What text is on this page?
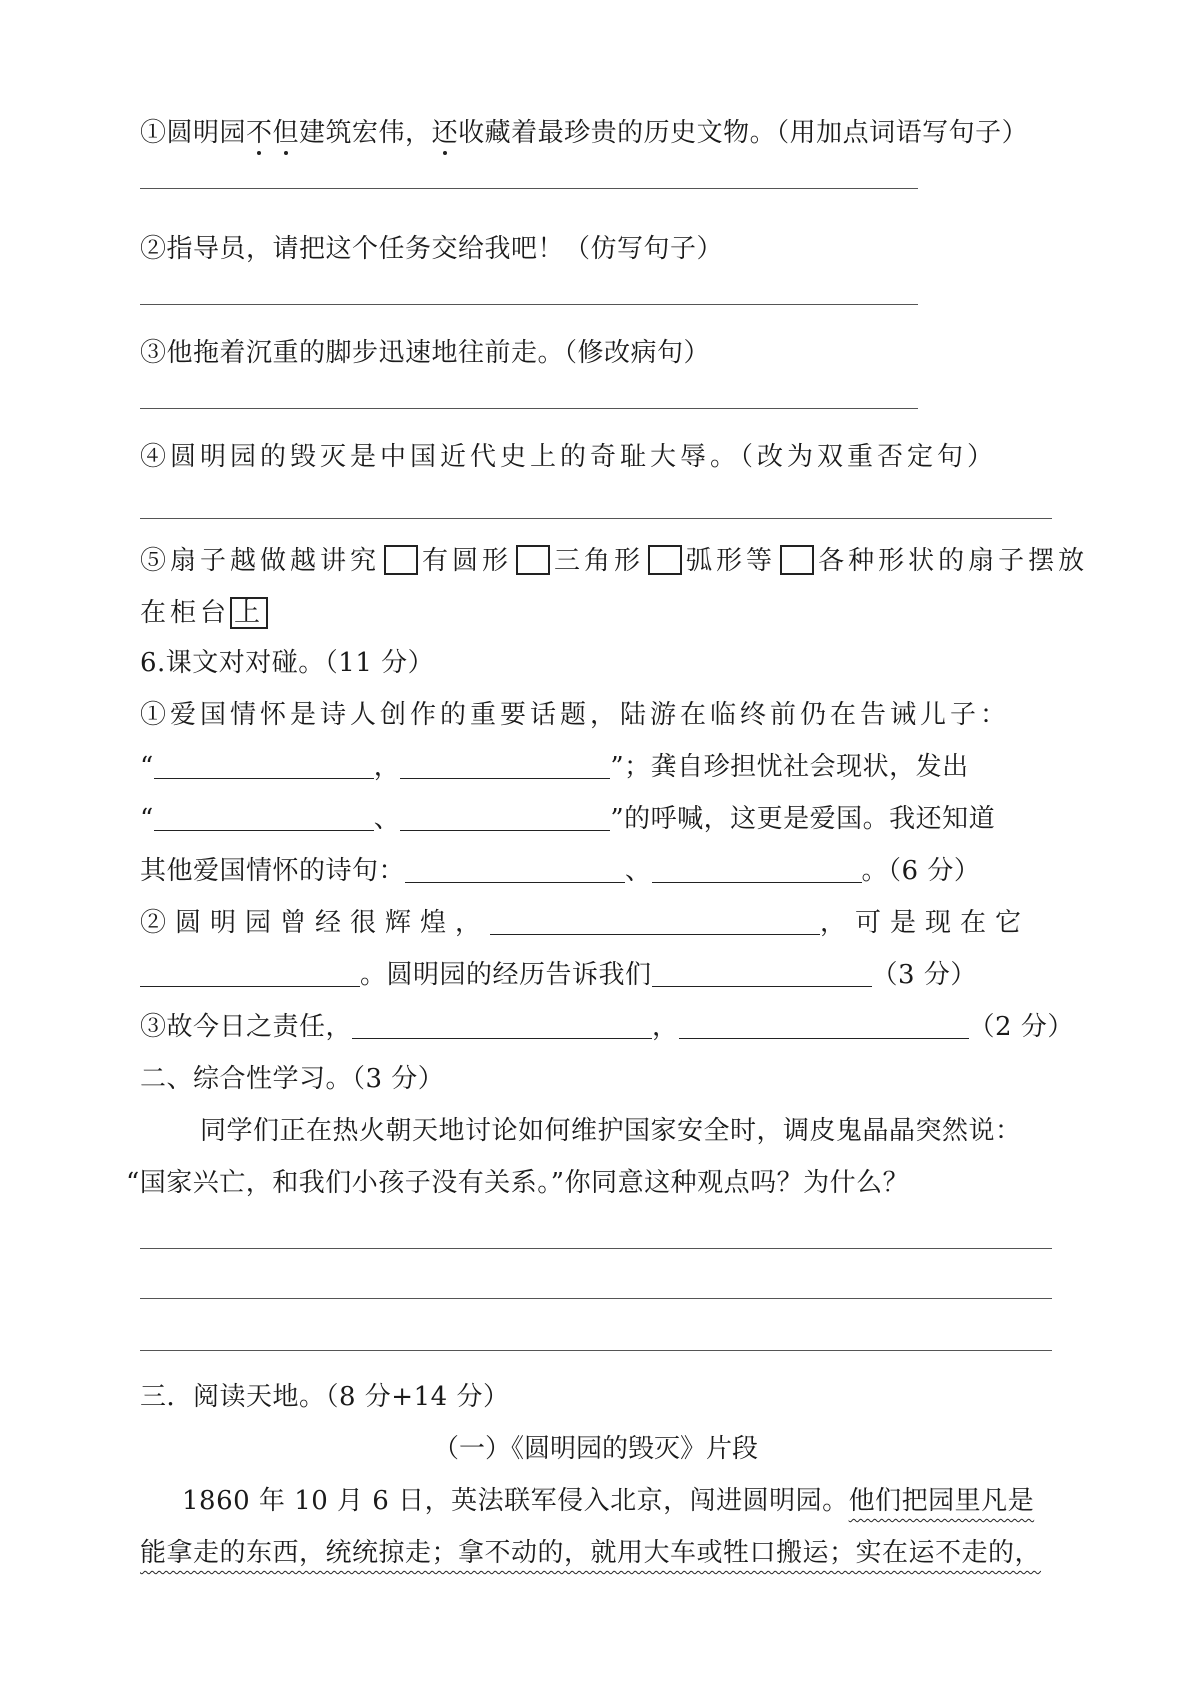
①圆明园不但建筑宏伟，还收藏着最珍贵的历史文物。（用加点词语写句子）
②指导员，请把这个任务交给我吧！（仿写句子）
③他拖着沉重的脚步迅速地往前走。（修改病句）
④圆明园的毁灭是中国近代史上的奇耻大辱。（改为双重否定句）
⑤扇子越做越讲究 有圆形 三角形 弧形等 各种形状的扇子摆放
在柜台 上
6.课文对对碰。（11 分）
①爱国情怀是诗人创作的重要话题，陆游在临终前仍在告诫儿子：
“	，	”；龚自珍担忧社会现状，发出
“	、	”的呼喊，这更是爱国。我还知道
其他爱国情怀的诗句：	、	。（6 分）
②圆明园曾经很辉煌，	，可是现在它
。圆明园的经历告诉我们	（3 分）
③故今日之责任，	，	（2 分）
二、综合性学习。（3 分）
同学们正在热火朝天地讨论如何维护国家安全时，调皮鬼晶晶突然说：
“国家兴亡，和我们小孩子没有关系。”你同意这种观点吗？为什么？
三．阅读天地。（8 分+14 分）
（一）《圆明园的毁灭》片段
1860 年 10 月 6 日，英法联军侵入北京，闯进圆明园。他们把园里凡是
能拿走的东西，统统掠走；拿不动的，就用大车或牲口搬运；实在运不走的，
